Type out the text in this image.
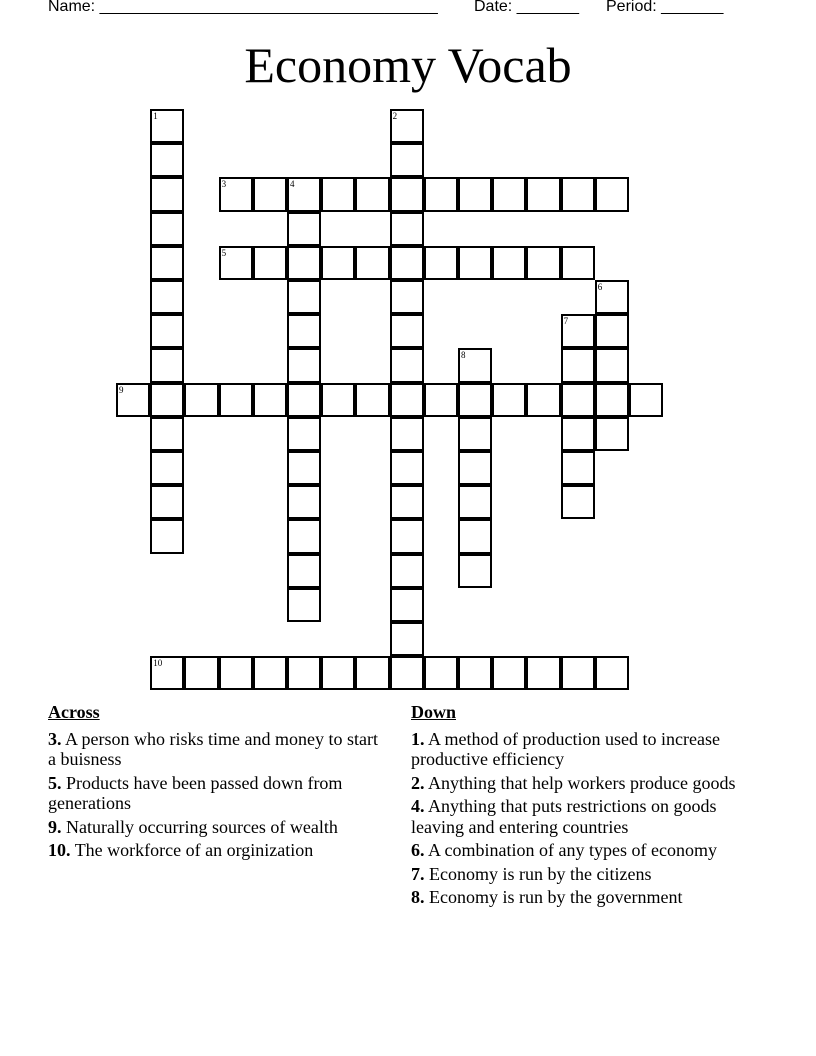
Name: ______________________________________ Date: _______ Period: _______
Economy Vocab
1	2
3	4
5
6
7
8
9
10
Across
3. A person who risks time and money to start a buisness
5. Products have been passed down from generations
9. Naturally occurring sources of wealth
10. The workforce of an orginization
Down
1. A method of production used to increase productive efficiency
2. Anything that help workers produce goods
4. Anything that puts restrictions on goods leaving and entering countries
6. A combination of any types of economy
7. Economy is run by the citizens
8. Economy is run by the government
